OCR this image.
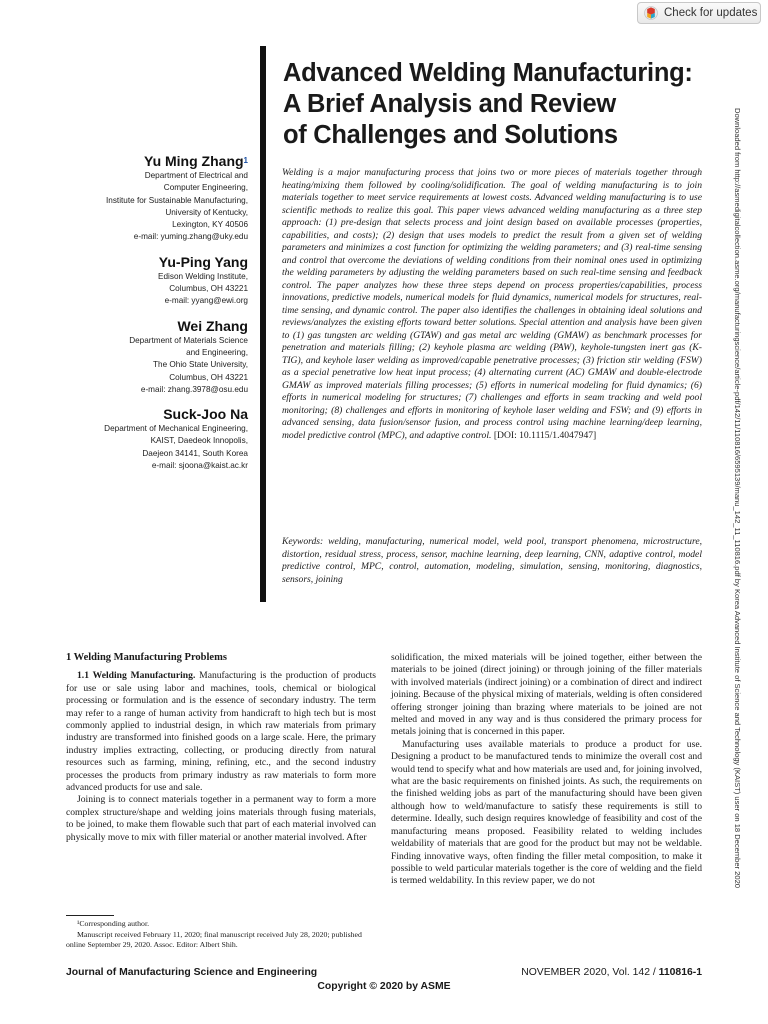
Check for updates
Advanced Welding Manufacturing:
A Brief Analysis and Review
of Challenges and Solutions
Yu Ming Zhang$^1$
Department of Electrical and
Computer Engineering,
Institute for Sustainable Manufacturing,
University of Kentucky,
Lexington, KY 40506
e-mail: yuming.zhang@uky.edu
Yu-Ping Yang
Edison Welding Institute,
Columbus, OH 43221
e-mail: yyang@ewi.org
Wei Zhang
Department of Materials Science
and Engineering,
The Ohio State University,
Columbus, OH 43221
e-mail: zhang.3978@osu.edu
Suck-Joo Na
Department of Mechanical Engineering,
KAIST, Daedeok Innopolis,
Daejeon 34141, South Korea
e-mail: sjoona@kaist.ac.kr
Welding is a major manufacturing process that joins two or more pieces of materials together through heating/mixing them followed by cooling/solidification. The goal of welding manufacturing is to join materials together to meet service requirements at lowest costs. Advanced welding manufacturing is to use scientific methods to realize this goal. This paper views advanced welding manufacturing as a three step approach: (1) pre-design that selects process and joint design based on available processes (properties, capabilities, and costs); (2) design that uses models to predict the result from a given set of welding parameters and minimizes a cost function for optimizing the welding parameters; and (3) real-time sensing and control that overcome the deviations of welding conditions from their nominal ones used in optimizing the welding parameters by adjusting the welding parameters based on such real-time sensing and feedback control. The paper analyzes how these three steps depend on process properties/capabilities, process innovations, predictive models, numerical models for fluid dynamics, numerical models for structures, real-time sensing, and dynamic control. The paper also identifies the challenges in obtaining ideal solutions and reviews/analyzes the existing efforts toward better solutions. Special attention and analysis have been given to (1) gas tungsten arc welding (GTAW) and gas metal arc welding (GMAW) as benchmark processes for penetration and materials filling; (2) keyhole plasma arc welding (PAW), keyhole-tungsten inert gas (K-TIG), and keyhole laser welding as improved/capable penetrative processes; (3) friction stir welding (FSW) as a special penetrative low heat input process; (4) alternating current (AC) GMAW and double-electrode GMAW as improved materials filling processes; (5) efforts in numerical modeling for fluid dynamics; (6) efforts in numerical modeling for structures; (7) challenges and efforts in seam tracking and weld pool monitoring; (8) challenges and efforts in monitoring of keyhole laser welding and FSW; and (9) efforts in advanced sensing, data fusion/sensor fusion, and process control using machine learning/deep learning, model predictive control (MPC), and adaptive control. [DOI: 10.1115/1.4047947]
Keywords: welding, manufacturing, numerical model, weld pool, transport phenomena, microstructure, distortion, residual stress, process, sensor, machine learning, deep learning, CNN, adaptive control, model predictive control, MPC, control, automation, modeling, simulation, sensing, monitoring, diagnostics, sensors, joining	Downloaded from http://asmedigitalcollection.asme.org/manufacturingscience/article-pdf/142/11/110816/6595139/manu_142_11_110816.pdf by Korea Advanced Institute of Science and Technology (KAIST) user on 18 December 2020
1 Welding Manufacturing Problems

1.1 Welding Manufacturing. Manufacturing is the production of products for use or sale using labor and machines, tools, chemical or biological processing or formulation and is the essence of secondary industry. The term may refer to a range of human activity from handicraft to high tech but is most commonly applied to industrial design, in which raw materials from primary industry are transformed into finished goods on a large scale. Here, the primary industry implies extracting, collecting, or producing directly from natural resources such as farming, mining, refining, etc., and the second industry processes the products from primary industry as raw materials to form more advanced products for use and sale.

Joining is to connect materials together in a permanent way to form a more complex structure/shape and welding joins materials through fusing materials, to be joined, to make them flowable such that part of each material involved can physically move to mix with filler material or another material involved. After

solidification, the mixed materials will be joined together, either between the materials to be joined (direct joining) or through joining of the filler materials with involved materials (indirect joining) or a combination of direct and indirect joining. Because of the physical mixing of materials, welding is often considered offering stronger joining than brazing where materials to be joined are not melted and moved in any way and is thus considered the primary process for metals joining that is concerned in this paper.

Manufacturing uses available materials to produce a product for use. Designing a product to be manufactured tends to minimize the overall cost and would tend to specify what and how materials are used and, for joining involved, what are the basic requirements on finished joints. As such, the requirements on the finished welding jobs as part of the manufacturing should have been given although how to weld/manufacture to satisfy these requirements is still to determine. Ideally, such design requires knowledge of feasibility and cost of the manufacturing means proposed. Feasibility related to welding includes weldability of materials that are good for the product but may not be weldable. Finding innovative ways, often finding the filler metal composition, to make it possible to weld particular materials together is the core of welding and the field is termed weldability. In this review paper, we do not

¹Corresponding author.
Manuscript received February 11, 2020; final manuscript received July 28, 2020; published online September 29, 2020. Assoc. Editor: Albert Shih.
Journal of Manufacturing Science and Engineering	NOVEMBER 2020, Vol. 142 / 110816-1
Copyright © 2020 by ASME
